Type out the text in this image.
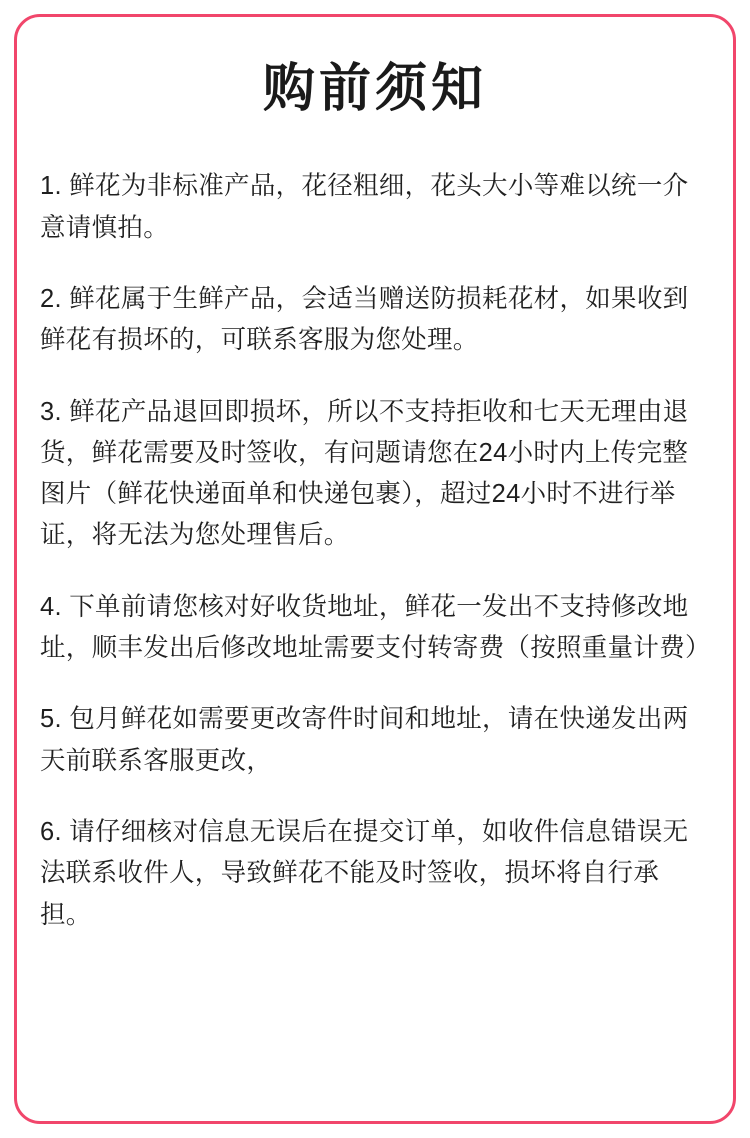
购前须知

1. 鲜花为非标准产品，花径粗细，花头大小等难以统一介意请慎拍。

2. 鲜花属于生鲜产品，会适当赠送防损耗花材，如果收到鲜花有损坏的，可联系客服为您处理。

3. 鲜花产品退回即损坏，所以不支持拒收和七天无理由退货，鲜花需要及时签收，有问题请您在24小时内上传完整图片（鲜花快递面单和快递包裹），超过24小时不进行举证，将无法为您处理售后。

4. 下单前请您核对好收货地址，鲜花一发出不支持修改地址，顺丰发出后修改地址需要支付转寄费（按照重量计费）

5. 包月鲜花如需要更改寄件时间和地址，请在快递发出两天前联系客服更改，

6. 请仔细核对信息无误后在提交订单，如收件信息错误无法联系收件人，导致鲜花不能及时签收，损坏将自行承担。
